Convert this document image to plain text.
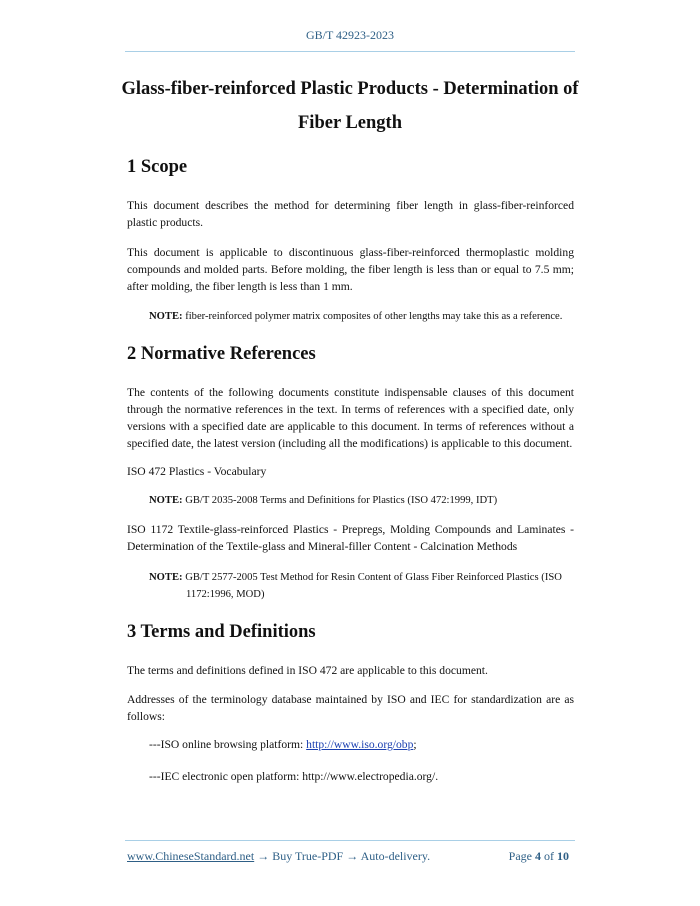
GB/T 42923-2023
Glass-fiber-reinforced Plastic Products - Determination of
Fiber Length
1 Scope
This document describes the method for determining fiber length in glass-fiber-reinforced plastic products.
This document is applicable to discontinuous glass-fiber-reinforced thermoplastic molding compounds and molded parts. Before molding, the fiber length is less than or equal to 7.5 mm; after molding, the fiber length is less than 1 mm.
NOTE: fiber-reinforced polymer matrix composites of other lengths may take this as a reference.
2 Normative References
The contents of the following documents constitute indispensable clauses of this document through the normative references in the text. In terms of references with a specified date, only versions with a specified date are applicable to this document. In terms of references without a specified date, the latest version (including all the modifications) is applicable to this document.
ISO 472 Plastics - Vocabulary
NOTE: GB/T 2035-2008 Terms and Definitions for Plastics (ISO 472:1999, IDT)
ISO 1172 Textile-glass-reinforced Plastics - Prepregs, Molding Compounds and Laminates - Determination of the Textile-glass and Mineral-filler Content - Calcination Methods
NOTE: GB/T 2577-2005 Test Method for Resin Content of Glass Fiber Reinforced Plastics (ISO
1172:1996, MOD)
3 Terms and Definitions
The terms and definitions defined in ISO 472 are applicable to this document.
Addresses of the terminology database maintained by ISO and IEC for standardization are as follows:
---ISO online browsing platform: http://www.iso.org/obp;
---IEC electronic open platform: http://www.electropedia.org/.
www.ChineseStandard.net → Buy True-PDF → Auto-delivery.	Page 4 of 10
